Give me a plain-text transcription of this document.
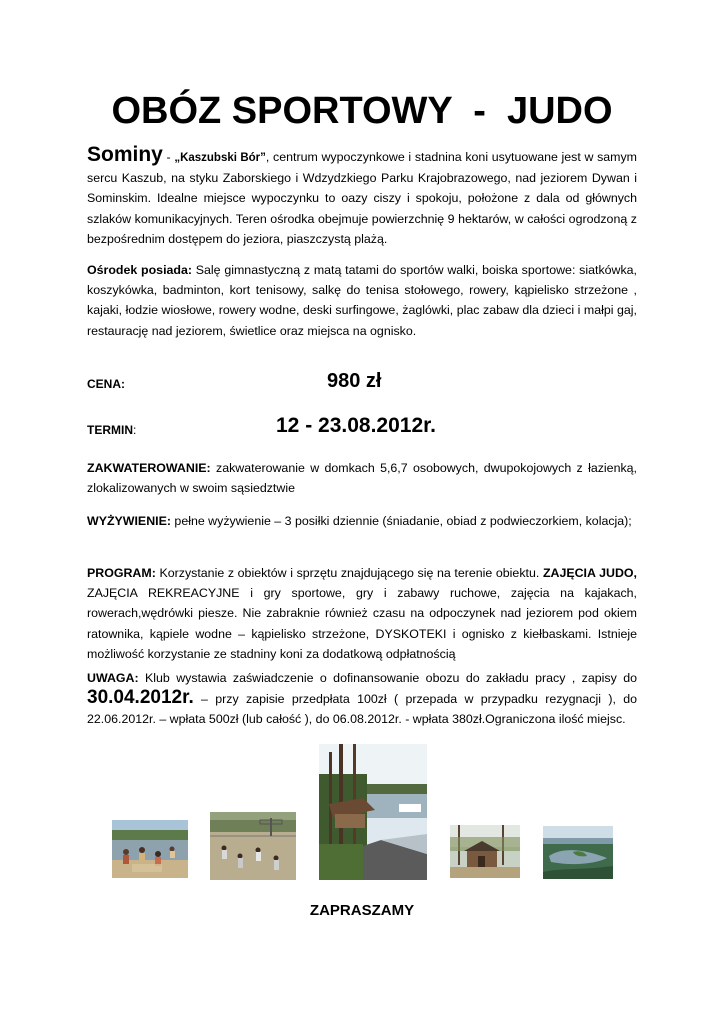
OBÓZ SPORTOWY  -  JUDO

Sominy - „Kaszubski Bór”, centrum wypoczynkowe i stadnina koni usytuowane jest w samym sercu Kaszub, na styku Zaborskiego i Wdzydzkiego Parku Krajobrazowego, nad jeziorem Dywan i Sominskim. Idealne miejsce wypoczynku to oazy ciszy i spokoju, położone z dala od głównych szlaków komunikacyjnych. Teren ośrodka obejmuje powierzchnię 9 hektarów, w całości ogrodzoną z bezpośrednim dostępem do jeziora, piaszczystą plażą.

Ośrodek posiada: Salę gimnastyczną z matą tatami do sportów walki, boiska sportowe: siatkówka, koszykówka, badminton, kort tenisowy, salkę do tenisa stołowego, rowery, kąpielisko strzeżone , kajaki, łodzie wiosłowe, rowery wodne, deski surfingowe, żaglówki, plac zabaw dla dzieci i małpi gaj, restaurację nad jeziorem, świetlice oraz miejsca na ognisko.

CENA:	980 zł
TERMIN:	12 - 23.08.2012r.

ZAKWATEROWANIE: zakwaterowanie w domkach 5,6,7 osobowych, dwupokojowych z łazienką, zlokalizowanych w swoim sąsiedztwie

WYŻYWIENIE: pełne wyżywienie – 3 posiłki dziennie (śniadanie, obiad z podwieczorkiem, kolacja);

PROGRAM: Korzystanie z obiektów i sprzętu znajdującego się na terenie obiektu. ZAJĘCIA JUDO, ZAJĘCIA REKREACYJNE i gry sportowe, gry i zabawy ruchowe, zajęcia na kajakach, rowerach,wędrówki piesze. Nie zabraknie również czasu na odpoczynek nad jeziorem pod okiem ratownika, kąpiele wodne – kąpielisko strzeżone, DYSKOTEKI i ognisko z kiełbaskami. Istnieje możliwość korzystanie ze stadniny koni za dodatkową odpłatnością

UWAGA: Klub wystawia zaświadczenie o dofinansowanie obozu do zakładu pracy , zapisy do 30.04.2012r. – przy zapisie przedpłata 100zł ( przepada w przypadku rezygnacji ), do 22.06.2012r. – wpłata 500zł (lub całość ), do 06.08.2012r. - wpłata 380zł.Ograniczona ilość miejsc.

ZAPRASZAMY
